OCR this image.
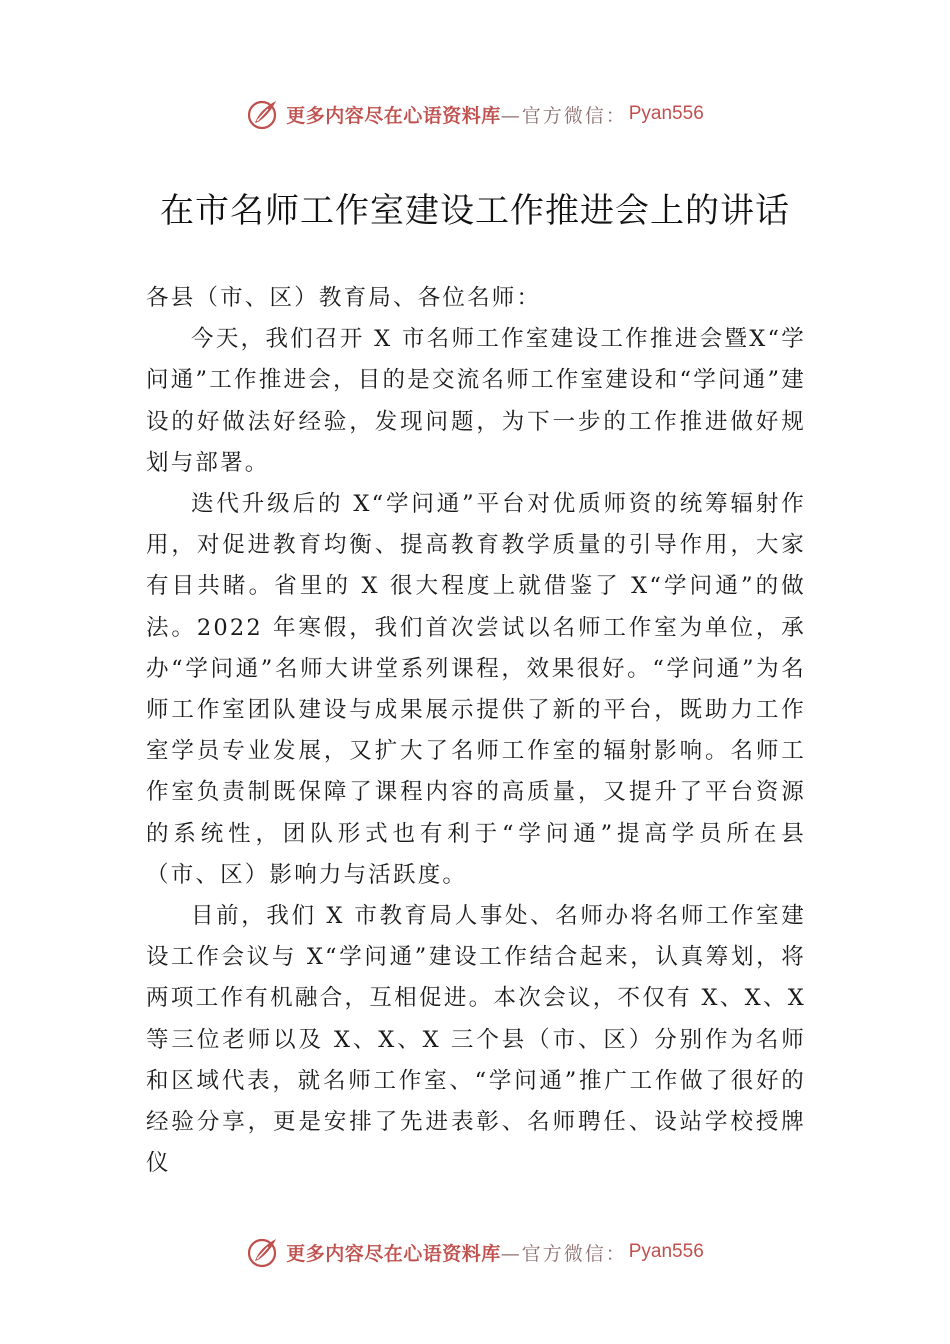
更多内容尽在心语资料库 —官方微信： Pyan556
在市名师工作室建设工作推进会上的讲话

各县（市、区）教育局、各位名师：

今天，我们召开 X 市名师工作室建设工作推进会暨X“学问通”工作推进会，目的是交流名师工作室建设和“学问通”建设的好做法好经验，发现问题，为下一步的工作推进做好规划与部署。

迭代升级后的 X“学问通”平台对优质师资的统筹辐射作用，对促进教育均衡、提高教育教学质量的引导作用，大家有目共睹。省里的 X 很大程度上就借鉴了 X“学问通”的做法。2022 年寒假，我们首次尝试以名师工作室为单位，承办“学问通”名师大讲堂系列课程，效果很好。“学问通”为名师工作室团队建设与成果展示提供了新的平台，既助力工作室学员专业发展，又扩大了名师工作室的辐射影响。名师工作室负责制既保障了课程内容的高质量，又提升了平台资源的系统性，团队形式也有利于“学问通”提高学员所在县（市、区）影响力与活跃度。

目前，我们 X 市教育局人事处、名师办将名师工作室建设工作会议与 X“学问通”建设工作结合起来，认真筹划，将两项工作有机融合，互相促进。本次会议，不仅有 X、X、X 等三位老师以及 X、X、X 三个县（市、区）分别作为名师和区域代表，就名师工作室、“学问通”推广工作做了很好的经验分享，更是安排了先进表彰、名师聘任、设站学校授牌仪

更多内容尽在心语资料库 —官方微信： Pyan556
